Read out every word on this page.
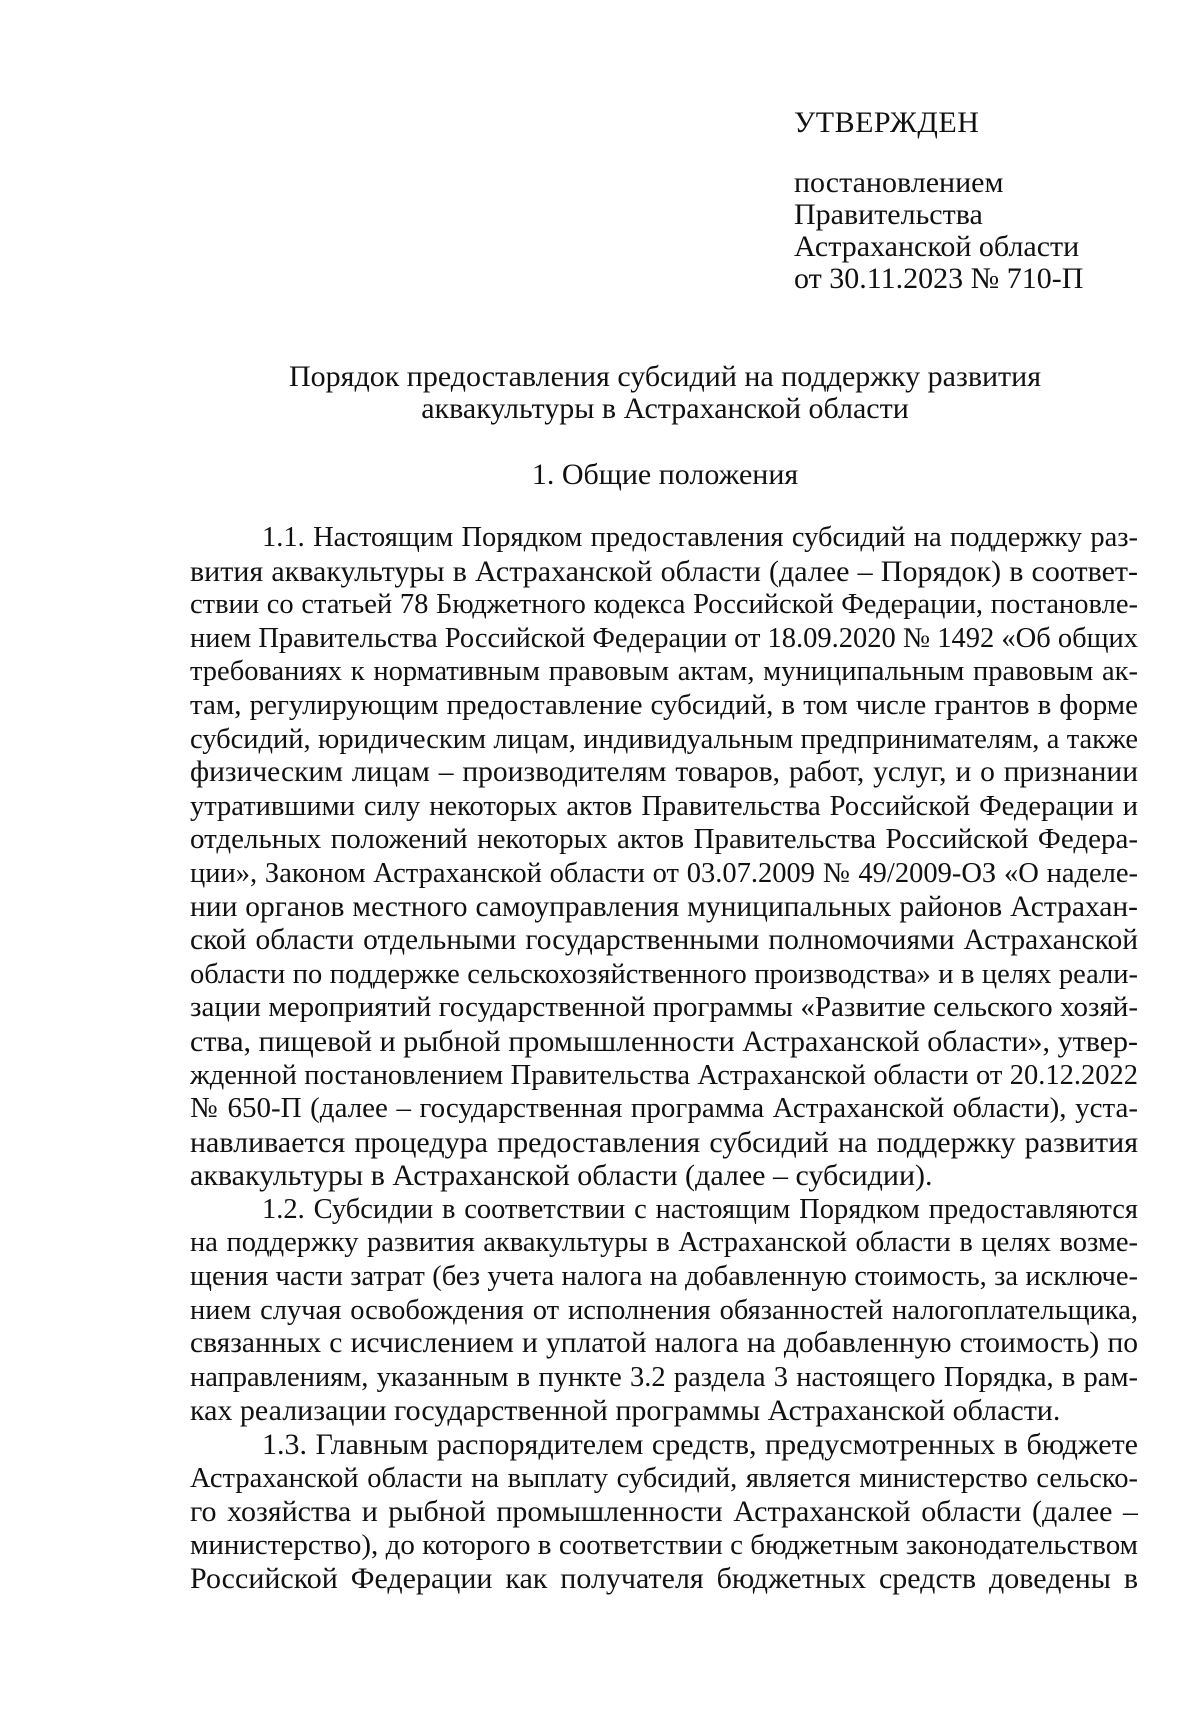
УТВЕРЖДЕН
постановлением
Правительства
Астраханской области
от 30.11.2023 № 710-П
Порядок предоставления субсидий на поддержку развития
аквакультуры в Астраханской области
1. Общие положения
1.1. Настоящим Порядком предоставления субсидий на поддержку раз-
вития аквакультуры в Астраханской области (далее – Порядок) в соответ-
ствии со статьей 78 Бюджетного кодекса Российской Федерации, постановле-
нием Правительства Российской Федерации от 18.09.2020 № 1492 «Об общих
требованиях к нормативным правовым актам, муниципальным правовым ак-
там, регулирующим предоставление субсидий, в том числе грантов в форме
субсидий, юридическим лицам, индивидуальным предпринимателям, а также
физическим лицам – производителям товаров, работ, услуг, и о признании
утратившими силу некоторых актов Правительства Российской Федерации и
отдельных положений некоторых актов Правительства Российской Федера-
ции», Законом Астраханской области от 03.07.2009 № 49/2009-ОЗ «О наделе-
нии органов местного самоуправления муниципальных районов Астрахан-
ской области отдельными государственными полномочиями Астраханской
области по поддержке сельскохозяйственного производства» и в целях реали-
зации мероприятий государственной программы «Развитие сельского хозяй-
ства, пищевой и рыбной промышленности Астраханской области», утвер-
жденной постановлением Правительства Астраханской области от 20.12.2022
№ 650-П (далее – государственная программа Астраханской области), уста-
навливается процедура предоставления субсидий на поддержку развития
аквакультуры в Астраханской области (далее – субсидии).
1.2. Субсидии в соответствии с настоящим Порядком предоставляются
на поддержку развития аквакультуры в Астраханской области в целях возме-
щения части затрат (без учета налога на добавленную стоимость, за исключе-
нием случая освобождения от исполнения обязанностей налогоплательщика,
связанных с исчислением и уплатой налога на добавленную стоимость) по
направлениям, указанным в пункте 3.2 раздела 3 настоящего Порядка, в рам-
ках реализации государственной программы Астраханской области.
1.3. Главным распорядителем средств, предусмотренных в бюджете
Астраханской области на выплату субсидий, является министерство сельско-
го хозяйства и рыбной промышленности Астраханской области (далее –
министерство), до которого в соответствии с бюджетным законодательством
Российской Федерации как получателя бюджетных средств доведены в
